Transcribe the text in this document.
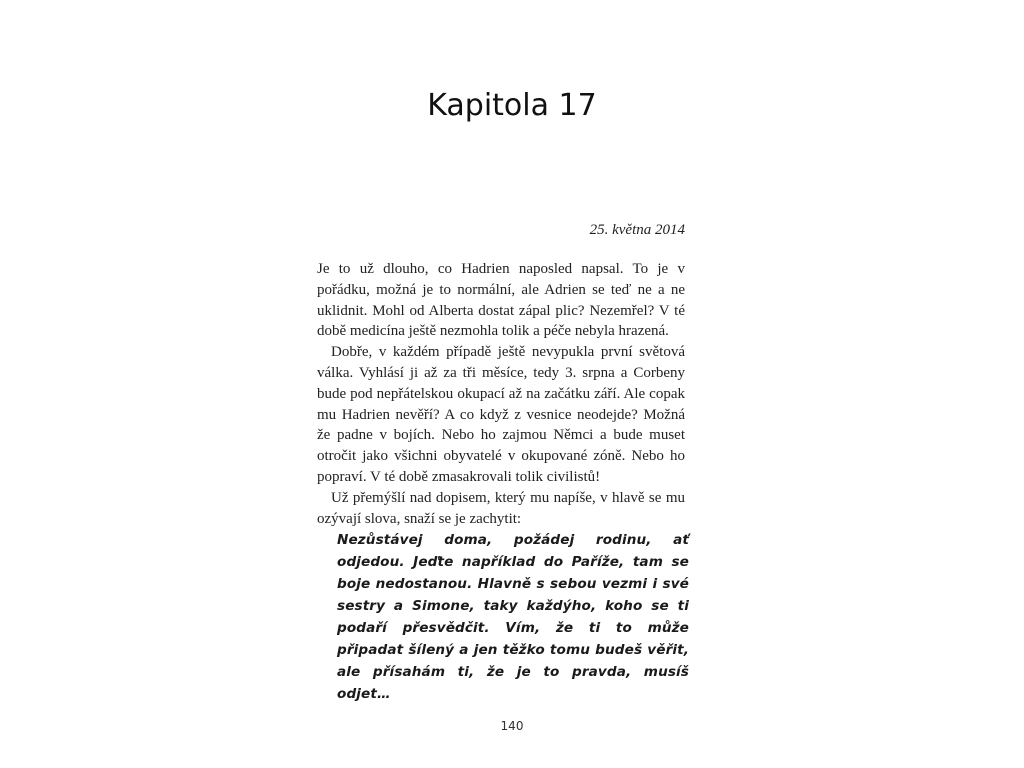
Kapitola 17
25. května 2014

Je to už dlouho, co Hadrien naposled napsal. To je v pořádku, možná je to normální, ale Adrien se teď ne a ne uklidnit. Mohl od Alberta dostat zápal plic? Nezemřel? V té době medicína ještě nezmohla tolik a péče nebyla hrazená.

Dobře, v každém případě ještě nevypukla první světová válka. Vyhlásí ji až za tři měsíce, tedy 3. srpna a Corbeny bude pod nepřátelskou okupací až na začátku září. Ale copak mu Hadrien nevěří? A co když z vesnice neodejde? Možná že padne v bojích. Nebo ho zajmou Němci a bude muset otročit jako všichni obyvatelé v okupované zóně. Nebo ho popraví. V té době zmasakrovali tolik civilistů!

Už přemýšlí nad dopisem, který mu napíše, v hlavě se mu ozývají slova, snaží se je zachytit:

Nezůstávej doma, požádej rodinu, ať odjedou. Jeďte například do Paříže, tam se boje nedostanou. Hlavně s sebou vezmi i své sestry a Simone, taky každýho, koho se ti podaří přesvědčit. Vím, že ti to může připadat šílený a jen těžko tomu budeš věřit, ale přísahám ti, že je to pravda, musíš odjet…
140
